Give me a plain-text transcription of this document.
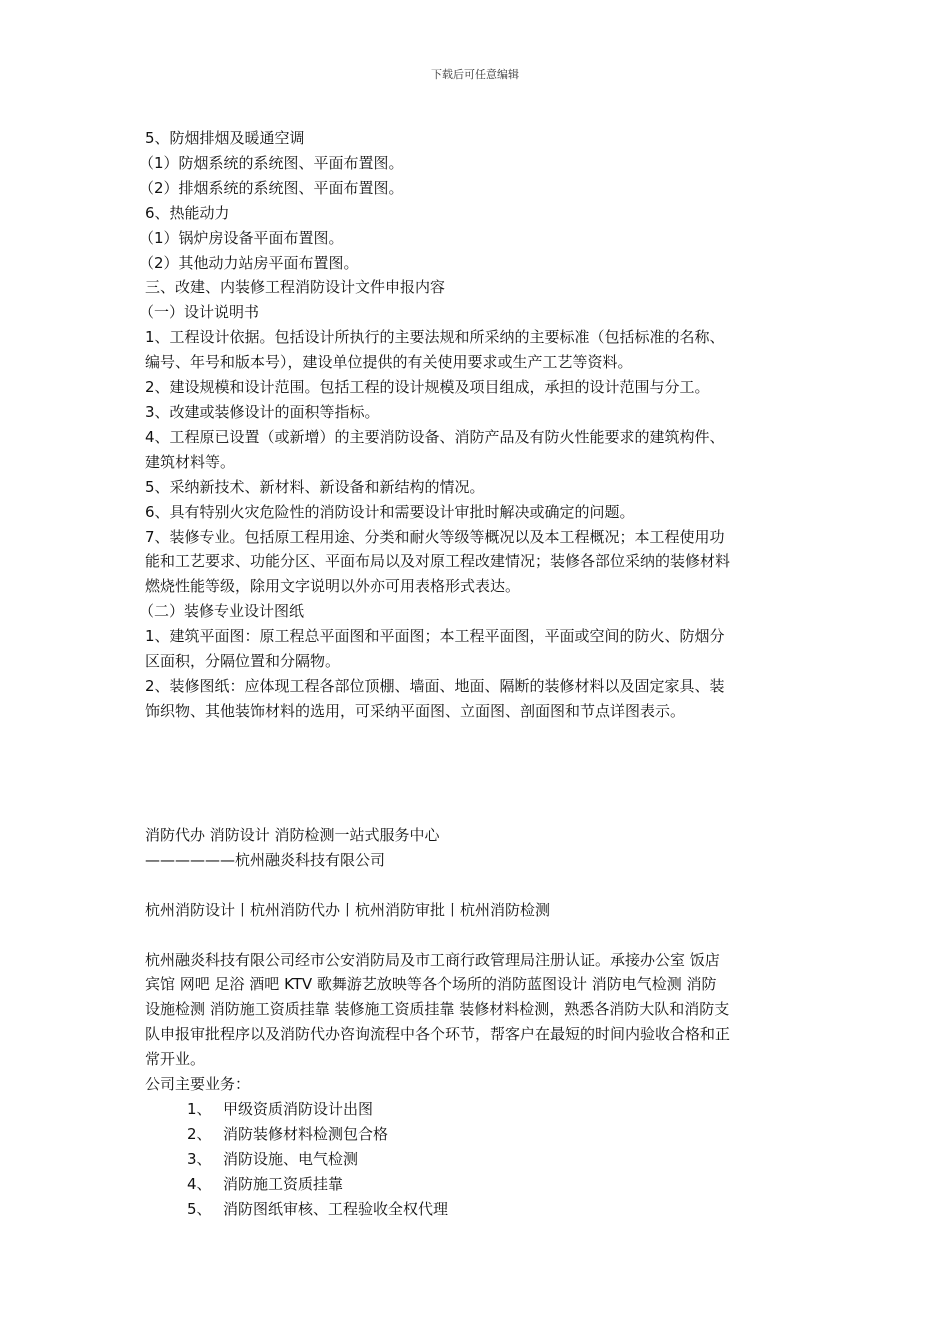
下载后可任意编辑
5、防烟排烟及暖通空调
（1）防烟系统的系统图、平面布置图。
（2）排烟系统的系统图、平面布置图。
6、热能动力
（1）锅炉房设备平面布置图。
（2）其他动力站房平面布置图。
三、改建、内装修工程消防设计文件申报内容
（一）设计说明书
1、工程设计依据。包括设计所执行的主要法规和所采纳的主要标准（包括标准的名称、
编号、年号和版本号），建设单位提供的有关使用要求或生产工艺等资料。
2、建设规模和设计范围。包括工程的设计规模及项目组成，承担的设计范围与分工。
3、改建或装修设计的面积等指标。
4、工程原已设置（或新增）的主要消防设备、消防产品及有防火性能要求的建筑构件、
建筑材料等。
5、采纳新技术、新材料、新设备和新结构的情况。
6、具有特别火灾危险性的消防设计和需要设计审批时解决或确定的问题。
7、装修专业。包括原工程用途、分类和耐火等级等概况以及本工程概况；本工程使用功
能和工艺要求、功能分区、平面布局以及对原工程改建情况；装修各部位采纳的装修材料
燃烧性能等级，除用文字说明以外亦可用表格形式表达。
（二）装修专业设计图纸
1、建筑平面图：原工程总平面图和平面图；本工程平面图，平面或空间的防火、防烟分
区面积，分隔位置和分隔物。
2、装修图纸：应体现工程各部位顶棚、墙面、地面、隔断的装修材料以及固定家具、装
饰织物、其他装饰材料的选用，可采纳平面图、立面图、剖面图和节点详图表示。
消防代办 消防设计 消防检测一站式服务中心
——————杭州融炎科技有限公司
杭州消防设计丨杭州消防代办丨杭州消防审批丨杭州消防检测
杭州融炎科技有限公司经市公安消防局及市工商行政管理局注册认证。承接办公室 饭店
宾馆 网吧 足浴 酒吧 KTV 歌舞游艺放映等各个场所的消防蓝图设计 消防电气检测 消防
设施检测 消防施工资质挂靠 装修施工资质挂靠 装修材料检测，熟悉各消防大队和消防支
队申报审批程序以及消防代办咨询流程中各个环节，帮客户在最短的时间内验收合格和正
常开业。
公司主要业务：
1、 甲级资质消防设计出图
2、 消防装修材料检测包合格
3、 消防设施、电气检测
4、 消防施工资质挂靠
5、 消防图纸审核、工程验收全权代理
